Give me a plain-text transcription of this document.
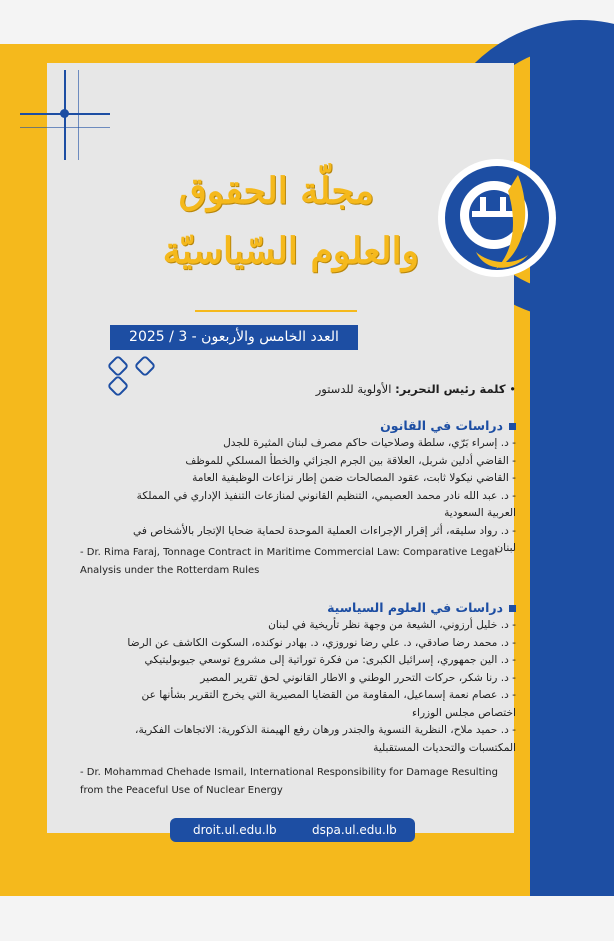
مجلّة الحقوق
والعلوم السّياسيّة
العدد الخامس والأربعون - 3 / 2025

• كلمة رئيس التحرير: الأولوية للدستور
دراسات في القانون
- د. إسراء بَرّي، سلطة وصلاحيات حاكم مصرف لبنان المثيرة للجدل
- القاضي أدلين شربل، العلاقة بين الجرم الجزائي والخطأ المسلكي للموظف
- القاضي نيكولا ثابت، عقود المصالحات ضمن إطار نزاعات الوظيفية العامة
- د. عبد الله نادر محمد العصيمي، التنظيم القانوني لمنازعات التنفيذ الإداري في المملكة العربية السعودية
- د. رواد سليقه، أثر إقرار الإجراءات العملية الموحدة لحماية ضحايا الإتجار بالأشخاص في لبنان
- Dr. Rima Faraj, Tonnage Contract in Maritime Commercial Law: Comparative Legal Analysis under the Rotterdam Rules
دراسات في العلوم السياسية
- د. خليل أرزوني، الشيعة من وجهة نظر تأريخية في لبنان
- د. محمد رضا صادقي، د. علي رضا نوروزي، د. بهادر نوكنده، السكوت الكاشف عن الرضا
- د. الين جمهوري، إسرائيل الكبرى: من فكرة توراتية إلى مشروع توسعي جيوبوليتيكي
- د. رنا شكر، حركات التحرر الوطني و الاطار القانوني لحق تقرير المصير
- د. عصام نعمة إسماعيل، المقاومة من القضايا المصيرية التي يخرج التقرير بشأنها عن اختصاص مجلس الوزراء
- د. حميد ملاح، النظرية النسوية والجندر ورهان رفع الهيمنة الذكورية: الاتجاهات الفكرية، المكتسبات والتحديات المستقبلية
- Dr. Mohammad Chehade Ismail, International Responsibility for Damage Resulting from the Peaceful Use of Nuclear Energy
droit.ul.edu.lb	dspa.ul.edu.lb
